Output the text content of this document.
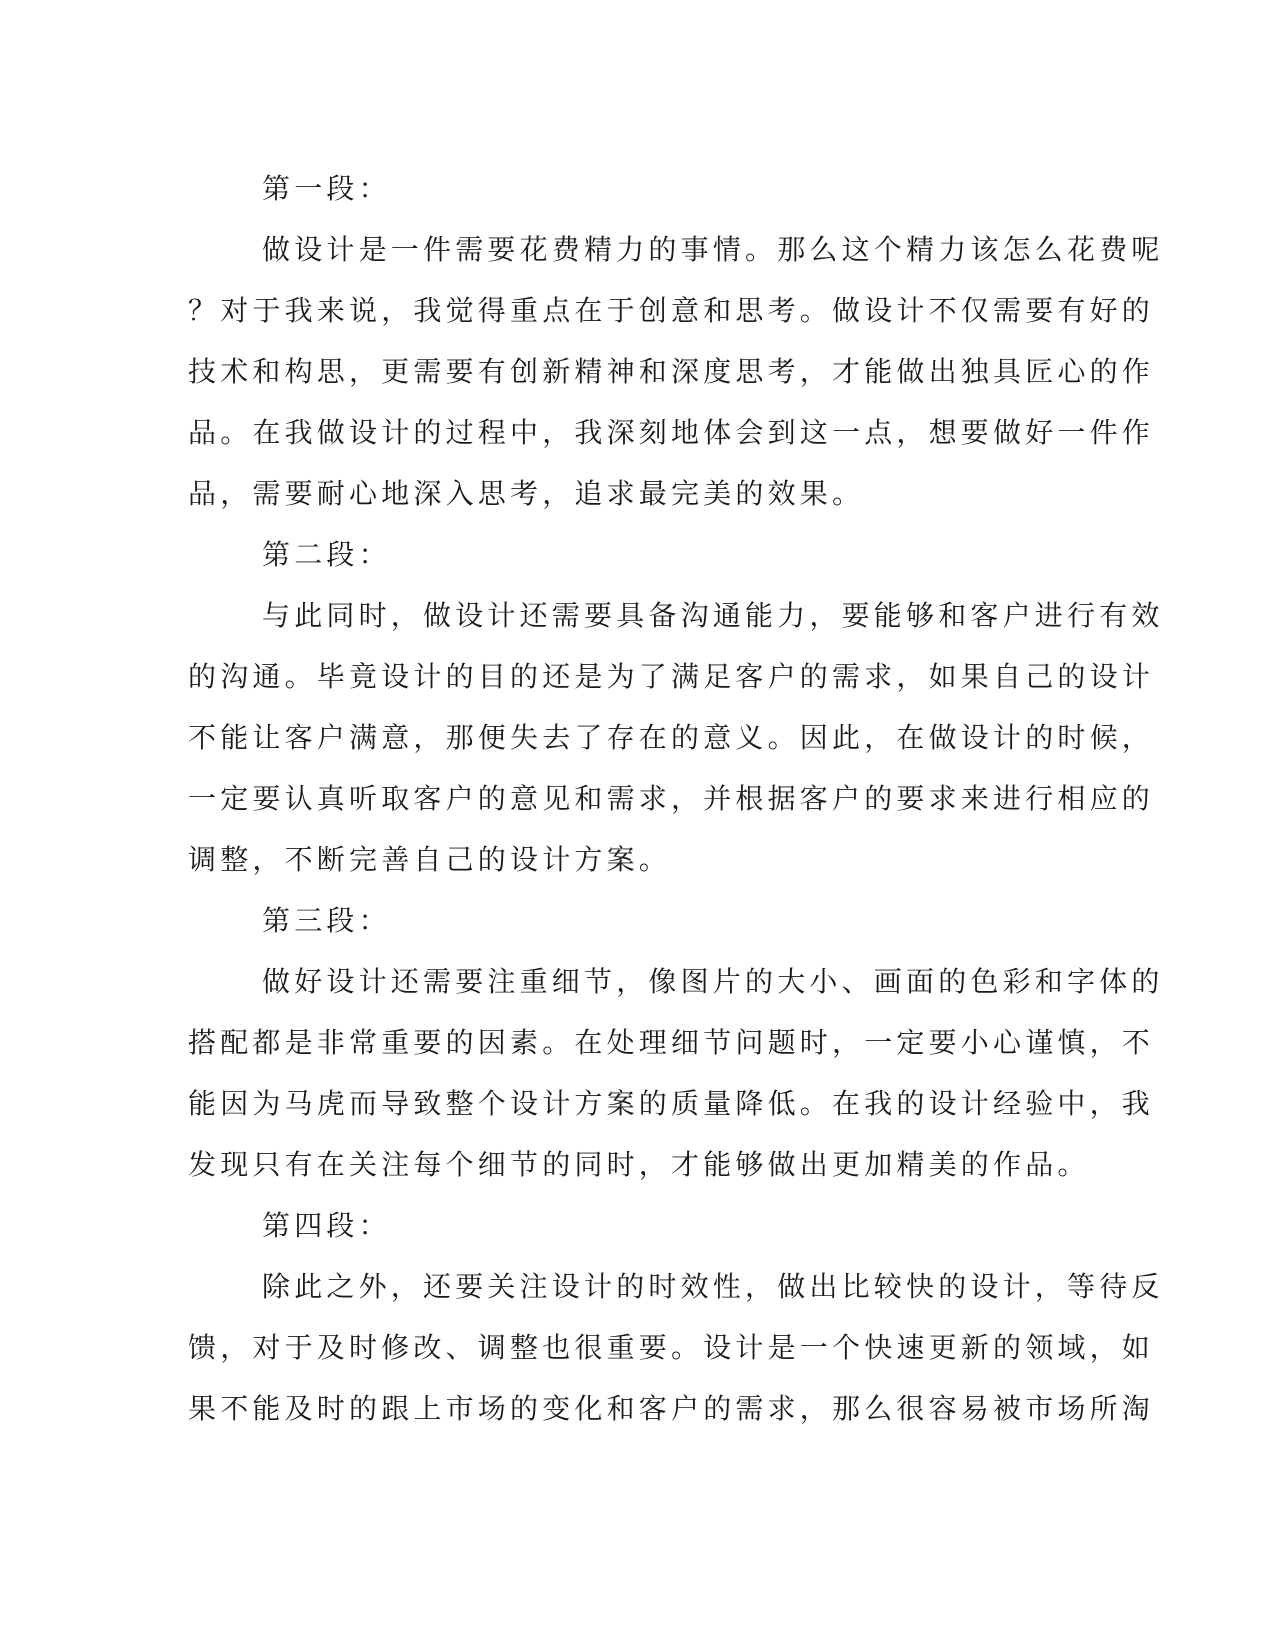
第一段：
做设计是一件需要花费精力的事情。那么这个精力该怎么花费呢
？对于我来说，我觉得重点在于创意和思考。做设计不仅需要有好的
技术和构思，更需要有创新精神和深度思考，才能做出独具匠心的作
品。在我做设计的过程中，我深刻地体会到这一点，想要做好一件作
品，需要耐心地深入思考，追求最完美的效果。
第二段：
与此同时，做设计还需要具备沟通能力，要能够和客户进行有效
的沟通。毕竟设计的目的还是为了满足客户的需求，如果自己的设计
不能让客户满意，那便失去了存在的意义。因此，在做设计的时候，
一定要认真听取客户的意见和需求，并根据客户的要求来进行相应的
调整，不断完善自己的设计方案。
第三段：
做好设计还需要注重细节，像图片的大小、画面的色彩和字体的
搭配都是非常重要的因素。在处理细节问题时，一定要小心谨慎，不
能因为马虎而导致整个设计方案的质量降低。在我的设计经验中，我
发现只有在关注每个细节的同时，才能够做出更加精美的作品。
第四段：
除此之外，还要关注设计的时效性，做出比较快的设计，等待反
馈，对于及时修改、调整也很重要。设计是一个快速更新的领域，如
果不能及时的跟上市场的变化和客户的需求，那么很容易被市场所淘
